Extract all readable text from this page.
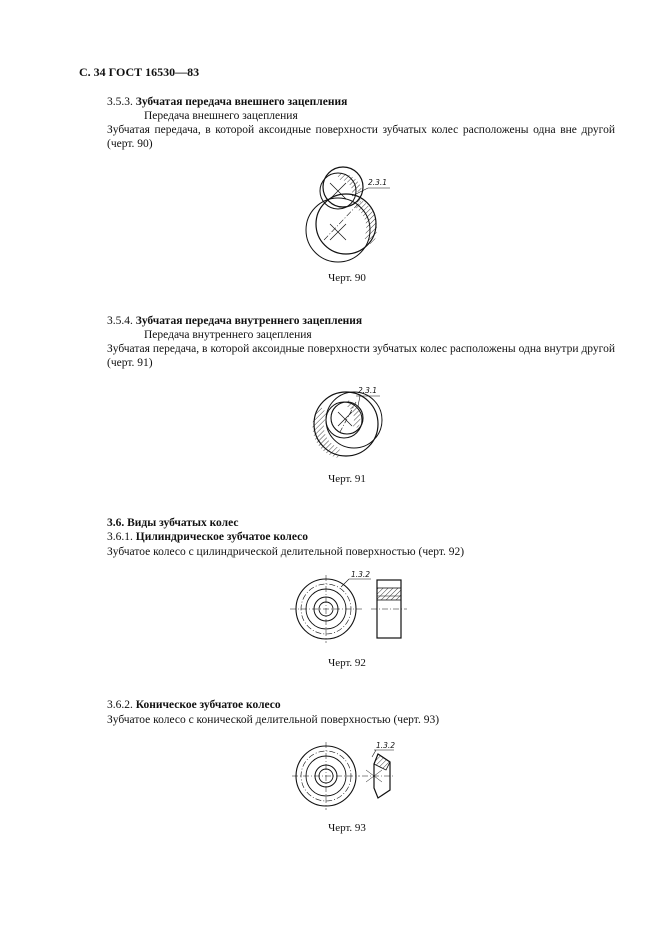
С. 34 ГОСТ 16530—83
3.5.3. Зубчатая передача внешнего зацепления
Передача внешнего зацепления
Зубчатая передача, в которой аксоидные поверхности зубчатых колес расположены одна вне другой (черт. 90)
2.3.1
Черт. 90
3.5.4. Зубчатая передача внутреннего зацепления
Передача внутреннего зацепления
Зубчатая передача, в которой аксоидные поверхности зубчатых колес расположены одна внутри другой (черт. 91)
2.3.1
Черт. 91
3.6. Виды зубчатых колес
3.6.1. Цилиндрическое зубчатое колесо
Зубчатое колесо с цилиндрической делительной поверхностью (черт. 92)
1.3.2
Черт. 92
3.6.2. Коническое зубчатое колесо
Зубчатое колесо с конической делительной поверхностью (черт. 93)
1.3.2
Черт. 93
